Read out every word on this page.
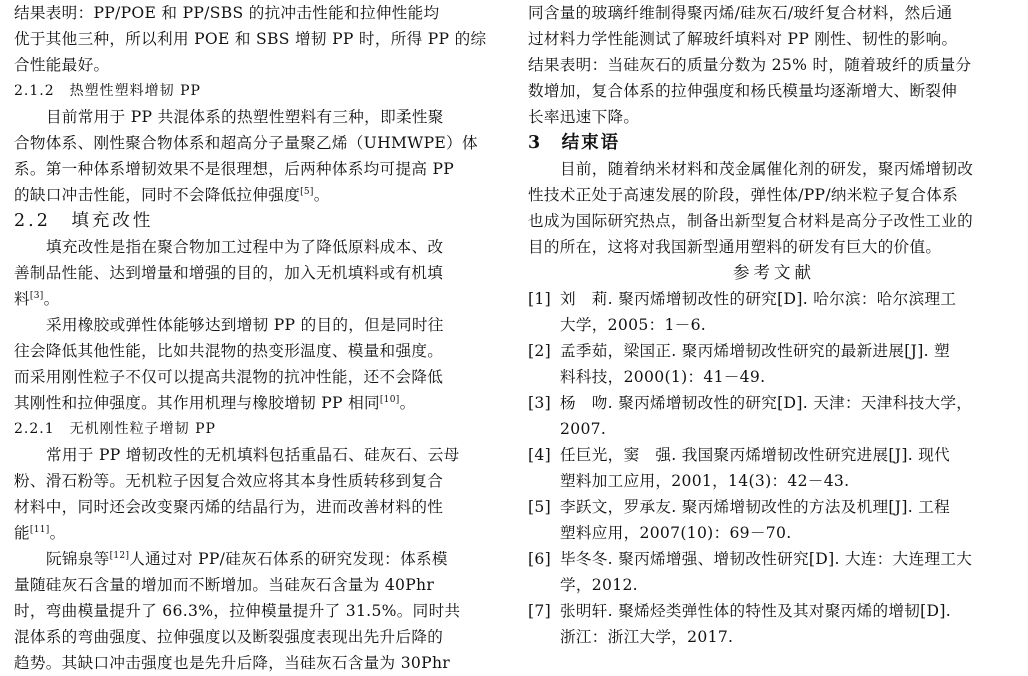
结果表明：PP/POE 和 PP/SBS 的抗冲击性能和拉伸性能均
优于其他三种，所以利用 POE 和 SBS 增韧 PP 时，所得 PP 的综
合性能最好。
2.1.2　热塑性塑料增韧 PP
目前常用于 PP 共混体系的热塑性塑料有三种，即柔性聚
合物体系、刚性聚合物体系和超高分子量聚乙烯（UHMWPE）体
系。第一种体系增韧效果不是很理想，后两种体系均可提高 PP
的缺口冲击性能，同时不会降低拉伸强度[5]。
2.2　填充改性
填充改性是指在聚合物加工过程中为了降低原料成本、改
善制品性能、达到增量和增强的目的，加入无机填料或有机填
料[3]。
采用橡胶或弹性体能够达到增韧 PP 的目的，但是同时往
往会降低其他性能，比如共混物的热变形温度、模量和强度。
而采用刚性粒子不仅可以提高共混物的抗冲性能，还不会降低
其刚性和拉伸强度。其作用机理与橡胶增韧 PP 相同[10]。
2.2.1　无机刚性粒子增韧 PP
常用于 PP 增韧改性的无机填料包括重晶石、硅灰石、云母
粉、滑石粉等。无机粒子因复合效应将其本身性质转移到复合
材料中，同时还会改变聚丙烯的结晶行为，进而改善材料的性
能[11]。
阮锦泉等[12]人通过对 PP/硅灰石体系的研究发现：体系模
量随硅灰石含量的增加而不断增加。当硅灰石含量为 40Phr
时，弯曲模量提升了 66.3%，拉伸模量提升了 31.5%。同时共
混体系的弯曲强度、拉伸强度以及断裂强度表现出先升后降的
趋势。其缺口冲击强度也是先升后降，当硅灰石含量为 30Phr
同含量的玻璃纤维制得聚丙烯/硅灰石/玻纤复合材料，然后通
过材料力学性能测试了解玻纤填料对 PP 刚性、韧性的影响。
结果表明：当硅灰石的质量分数为 25% 时，随着玻纤的质量分
数增加，复合体系的拉伸强度和杨氏模量均逐渐增大、断裂伸
长率迅速下降。
3　结束语
目前，随着纳米材料和茂金属催化剂的研发，聚丙烯增韧改
性技术正处于高速发展的阶段，弹性体/PP/纳米粒子复合体系
也成为国际研究热点，制备出新型复合材料是高分子改性工业的
目的所在，这将对我国新型通用塑料的研发有巨大的价值。
参考文献
[1] 刘　莉. 聚丙烯增韧改性的研究[D]. 哈尔滨：哈尔滨理工
大学，2005：1－6.
[2] 孟季茹，梁国正. 聚丙烯增韧改性研究的最新进展[J]. 塑
料科技，2000(1)：41－49.
[3] 杨　吻. 聚丙烯增韧改性的研究[D]. 天津：天津科技大学，
2007.
[4] 任巨光，窦　强. 我国聚丙烯增韧改性研究进展[J]. 现代
塑料加工应用，2001，14(3)：42－43.
[5] 李跃文，罗承友. 聚丙烯增韧改性的方法及机理[J]. 工程
塑料应用，2007(10)：69－70.
[6] 毕冬冬. 聚丙烯增强、增韧改性研究[D]. 大连：大连理工大
学，2012.
[7] 张明轩. 聚烯烃类弹性体的特性及其对聚丙烯的增韧[D].
浙江：浙江大学，2017.
